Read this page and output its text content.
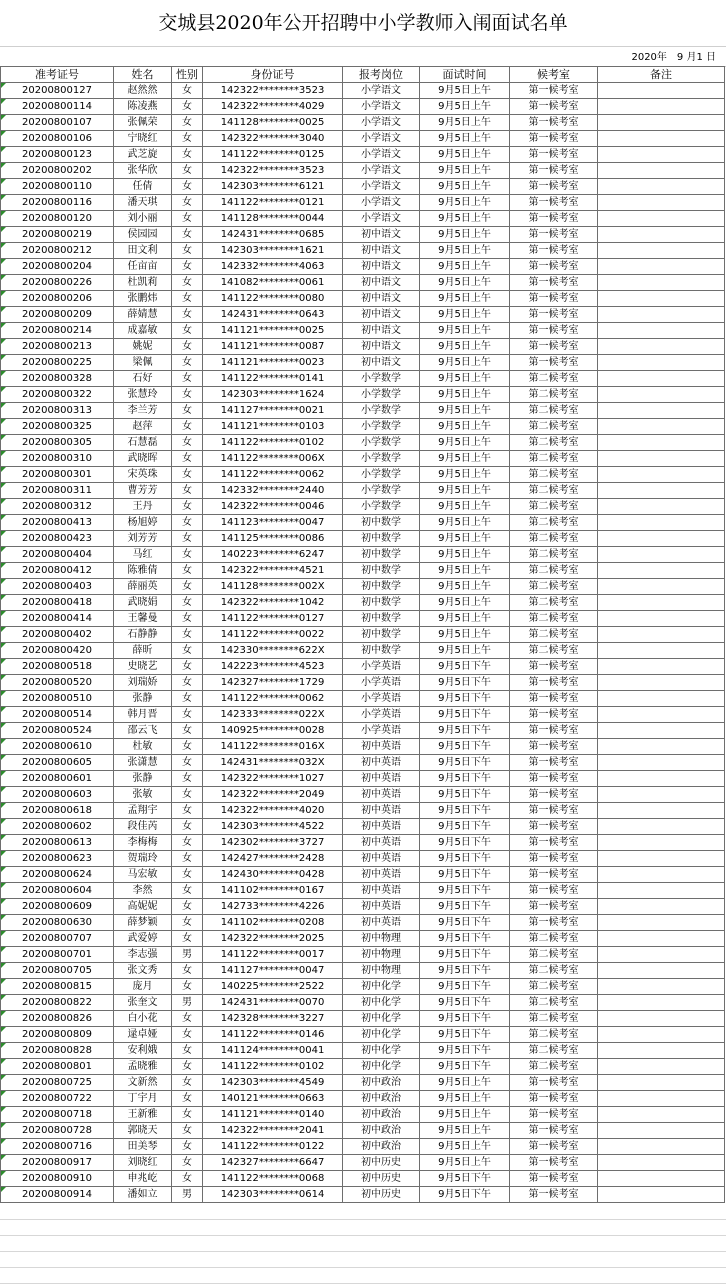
交城县2020年公开招聘中小学教师入闱面试名单
2020年　9 月1 日
准考证号	姓名	性别	身份证号	报考岗位	面试时间	候考室	备注
20200800127	赵然然	女	142322********3523	小学语文	9月5日上午	第一候考室	
20200800114	陈凌燕	女	142322********4029	小学语文	9月5日上午	第一候考室	
20200800107	张佩荣	女	141128********0025	小学语文	9月5日上午	第一候考室	
20200800106	宁晓红	女	142322********3040	小学语文	9月5日上午	第一候考室	
20200800123	武芝旋	女	141122********0125	小学语文	9月5日上午	第一候考室	
20200800202	张华欣	女	142322********3523	小学语文	9月5日上午	第一候考室	
20200800110	任倩	女	142303********6121	小学语文	9月5日上午	第一候考室	
20200800116	潘天琪	女	141122********0121	小学语文	9月5日上午	第一候考室	
20200800120	刘小丽	女	141128********0044	小学语文	9月5日上午	第一候考室	
20200800219	侯园园	女	142431********0685	初中语文	9月5日上午	第一候考室	
20200800212	田文利	女	142303********1621	初中语文	9月5日上午	第一候考室	
20200800204	任亩亩	女	142332********4063	初中语文	9月5日上午	第一候考室	
20200800226	杜凯莉	女	141082********0061	初中语文	9月5日上午	第一候考室	
20200800206	张鹏炜	女	141122********0080	初中语文	9月5日上午	第一候考室	
20200800209	薛婧慧	女	142431********0643	初中语文	9月5日上午	第一候考室	
20200800214	成嘉敏	女	141121********0025	初中语文	9月5日上午	第一候考室	
20200800213	姚妮	女	141121********0087	初中语文	9月5日上午	第一候考室	
20200800225	梁佩	女	141121********0023	初中语文	9月5日上午	第一候考室	
20200800328	石好	女	141122********0141	小学数学	9月5日上午	第二候考室	
20200800322	张慧玲	女	142303********1624	小学数学	9月5日上午	第二候考室	
20200800313	李兰芳	女	141127********0021	小学数学	9月5日上午	第二候考室	
20200800325	赵萍	女	141121********0103	小学数学	9月5日上午	第二候考室	
20200800305	石慧磊	女	141122********0102	小学数学	9月5日上午	第二候考室	
20200800310	武晓晖	女	141122********006X	小学数学	9月5日上午	第二候考室	
20200800301	宋英珠	女	141122********0062	小学数学	9月5日上午	第二候考室	
20200800311	曹芳芳	女	142332********2440	小学数学	9月5日上午	第二候考室	
20200800312	王丹	女	142322********0046	小学数学	9月5日上午	第二候考室	
20200800413	杨旭婷	女	141123********0047	初中数学	9月5日上午	第二候考室	
20200800423	刘芳芳	女	141125********0086	初中数学	9月5日上午	第二候考室	
20200800404	马红	女	140223********6247	初中数学	9月5日上午	第二候考室	
20200800412	陈雅倩	女	142322********4521	初中数学	9月5日上午	第二候考室	
20200800403	薛丽英	女	141128********002X	初中数学	9月5日上午	第二候考室	
20200800418	武晓娟	女	142322********1042	初中数学	9月5日上午	第二候考室	
20200800414	王馨曼	女	141122********0127	初中数学	9月5日上午	第二候考室	
20200800402	石静静	女	141122********0022	初中数学	9月5日上午	第二候考室	
20200800420	薛昕	女	142330********622X	初中数学	9月5日上午	第二候考室	
20200800518	史晓艺	女	142223********4523	小学英语	9月5日下午	第一候考室	
20200800520	刘瑞娇	女	142327********1729	小学英语	9月5日下午	第一候考室	
20200800510	张静	女	141122********0062	小学英语	9月5日下午	第一候考室	
20200800514	韩月晋	女	142333********022X	小学英语	9月5日下午	第一候考室	
20200800524	邵云飞	女	140925********0028	小学英语	9月5日下午	第一候考室	
20200800610	杜敏	女	141122********016X	初中英语	9月5日下午	第一候考室	
20200800605	张潇慧	女	142431********032X	初中英语	9月5日下午	第一候考室	
20200800601	张静	女	142322********1027	初中英语	9月5日下午	第一候考室	
20200800603	张敏	女	142322********2049	初中英语	9月5日下午	第一候考室	
20200800618	孟翔宇	女	142322********4020	初中英语	9月5日下午	第一候考室	
20200800602	段佳芮	女	142303********4522	初中英语	9月5日下午	第一候考室	
20200800613	李梅梅	女	142302********3727	初中英语	9月5日下午	第一候考室	
20200800623	贺瑞玲	女	142427********2428	初中英语	9月5日下午	第一候考室	
20200800624	马宏敏	女	142430********0428	初中英语	9月5日下午	第一候考室	
20200800604	李然	女	141102********0167	初中英语	9月5日下午	第一候考室	
20200800609	高妮妮	女	142733********4226	初中英语	9月5日下午	第一候考室	
20200800630	薛梦颖	女	141102********0208	初中英语	9月5日下午	第一候考室	
20200800707	武爱婷	女	142322********2025	初中物理	9月5日下午	第二候考室	
20200800701	李志强	男	141122********0017	初中物理	9月5日下午	第二候考室	
20200800705	张文秀	女	141127********0047	初中物理	9月5日下午	第二候考室	
20200800815	庞月	女	140225********2522	初中化学	9月5日下午	第二候考室	
20200800822	张奎文	男	142431********0070	初中化学	9月5日下午	第二候考室	
20200800826	白小花	女	142328********3227	初中化学	9月5日下午	第二候考室	
20200800809	逯卓娅	女	141122********0146	初中化学	9月5日下午	第二候考室	
20200800828	安利娥	女	141124********0041	初中化学	9月5日下午	第二候考室	
20200800801	孟晓雅	女	141122********0102	初中化学	9月5日下午	第二候考室	
20200800725	文新然	女	142303********4549	初中政治	9月5日上午	第一候考室	
20200800722	丁宇月	女	140121********0663	初中政治	9月5日上午	第一候考室	
20200800718	王新雅	女	141121********0140	初中政治	9月5日上午	第一候考室	
20200800728	郭晓天	女	142322********2041	初中政治	9月5日上午	第一候考室	
20200800716	田美琴	女	141122********0122	初中政治	9月5日上午	第一候考室	
20200800917	刘晓红	女	142327********6647	初中历史	9月5日上午	第一候考室	
20200800910	申兆屹	女	141122********0068	初中历史	9月5日下午	第一候考室	
20200800914	潘如立	男	142303********0614	初中历史	9月5日下午	第一候考室	
